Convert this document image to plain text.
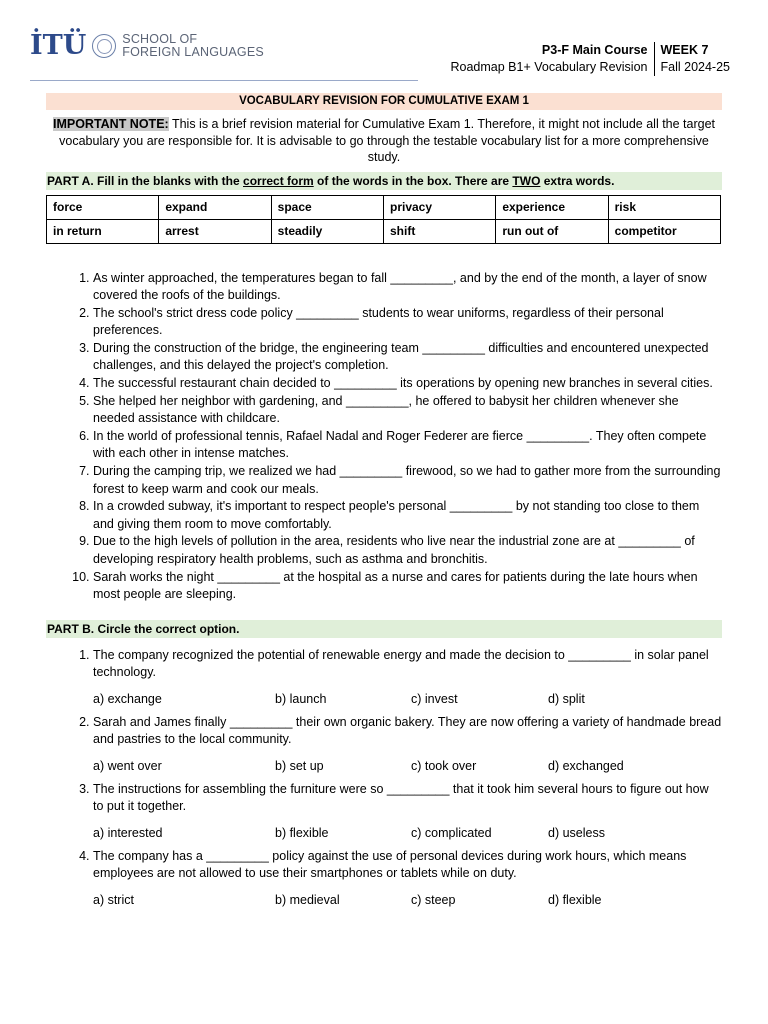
İTÜ	SCHOOL OF
FOREIGN LANGUAGES	P3-F Main Course
Roadmap B1+ Vocabulary Revision
WEEK 7
Fall 2024-25
VOCABULARY REVISION FOR CUMULATIVE EXAM 1

IMPORTANT NOTE: This is a brief revision material for Cumulative Exam 1. Therefore, it might not include all the target vocabulary you are responsible for. It is advisable to go through the testable vocabulary list for a more comprehensive study.

PART A. Fill in the blanks with the correct form of the words in the box. There are TWO extra words.
force	expand	space	privacy	experience	risk
in return	arrest	steadily	shift	run out of	competitor
1. As winter approached, the temperatures began to fall _________, and by the end of the month, a layer of snow covered the roofs of the buildings.
2. The school's strict dress code policy _________ students to wear uniforms, regardless of their personal preferences.
3. During the construction of the bridge, the engineering team _________ difficulties and encountered unexpected challenges, and this delayed the project's completion.
4. The successful restaurant chain decided to _________ its operations by opening new branches in several cities.
5. She helped her neighbor with gardening, and _________, he offered to babysit her children whenever she needed assistance with childcare.
6. In the world of professional tennis, Rafael Nadal and Roger Federer are fierce _________. They often compete with each other in intense matches.
7. During the camping trip, we realized we had _________ firewood, so we had to gather more from the surrounding forest to keep warm and cook our meals.
8. In a crowded subway, it's important to respect people's personal _________ by not standing too close to them and giving them room to move comfortably.
9. Due to the high levels of pollution in the area, residents who live near the industrial zone are at _________ of developing respiratory health problems, such as asthma and bronchitis.
10. Sarah works the night _________ at the hospital as a nurse and cares for patients during the late hours when most people are sleeping.
PART B. Circle the correct option.
1. The company recognized the potential of renewable energy and made the decision to _________ in solar panel technology.
a) exchange	b) launch	c) invest	d) split
2. Sarah and James finally _________ their own organic bakery. They are now offering a variety of handmade bread and pastries to the local community.
a) went over	b) set up	c) took over	d) exchanged
3. The instructions for assembling the furniture were so _________ that it took him several hours to figure out how to put it together.
a) interested	b) flexible	c) complicated	d) useless
4. The company has a _________ policy against the use of personal devices during work hours, which means employees are not allowed to use their smartphones or tablets while on duty.
a) strict	b) medieval	c) steep	d) flexible
